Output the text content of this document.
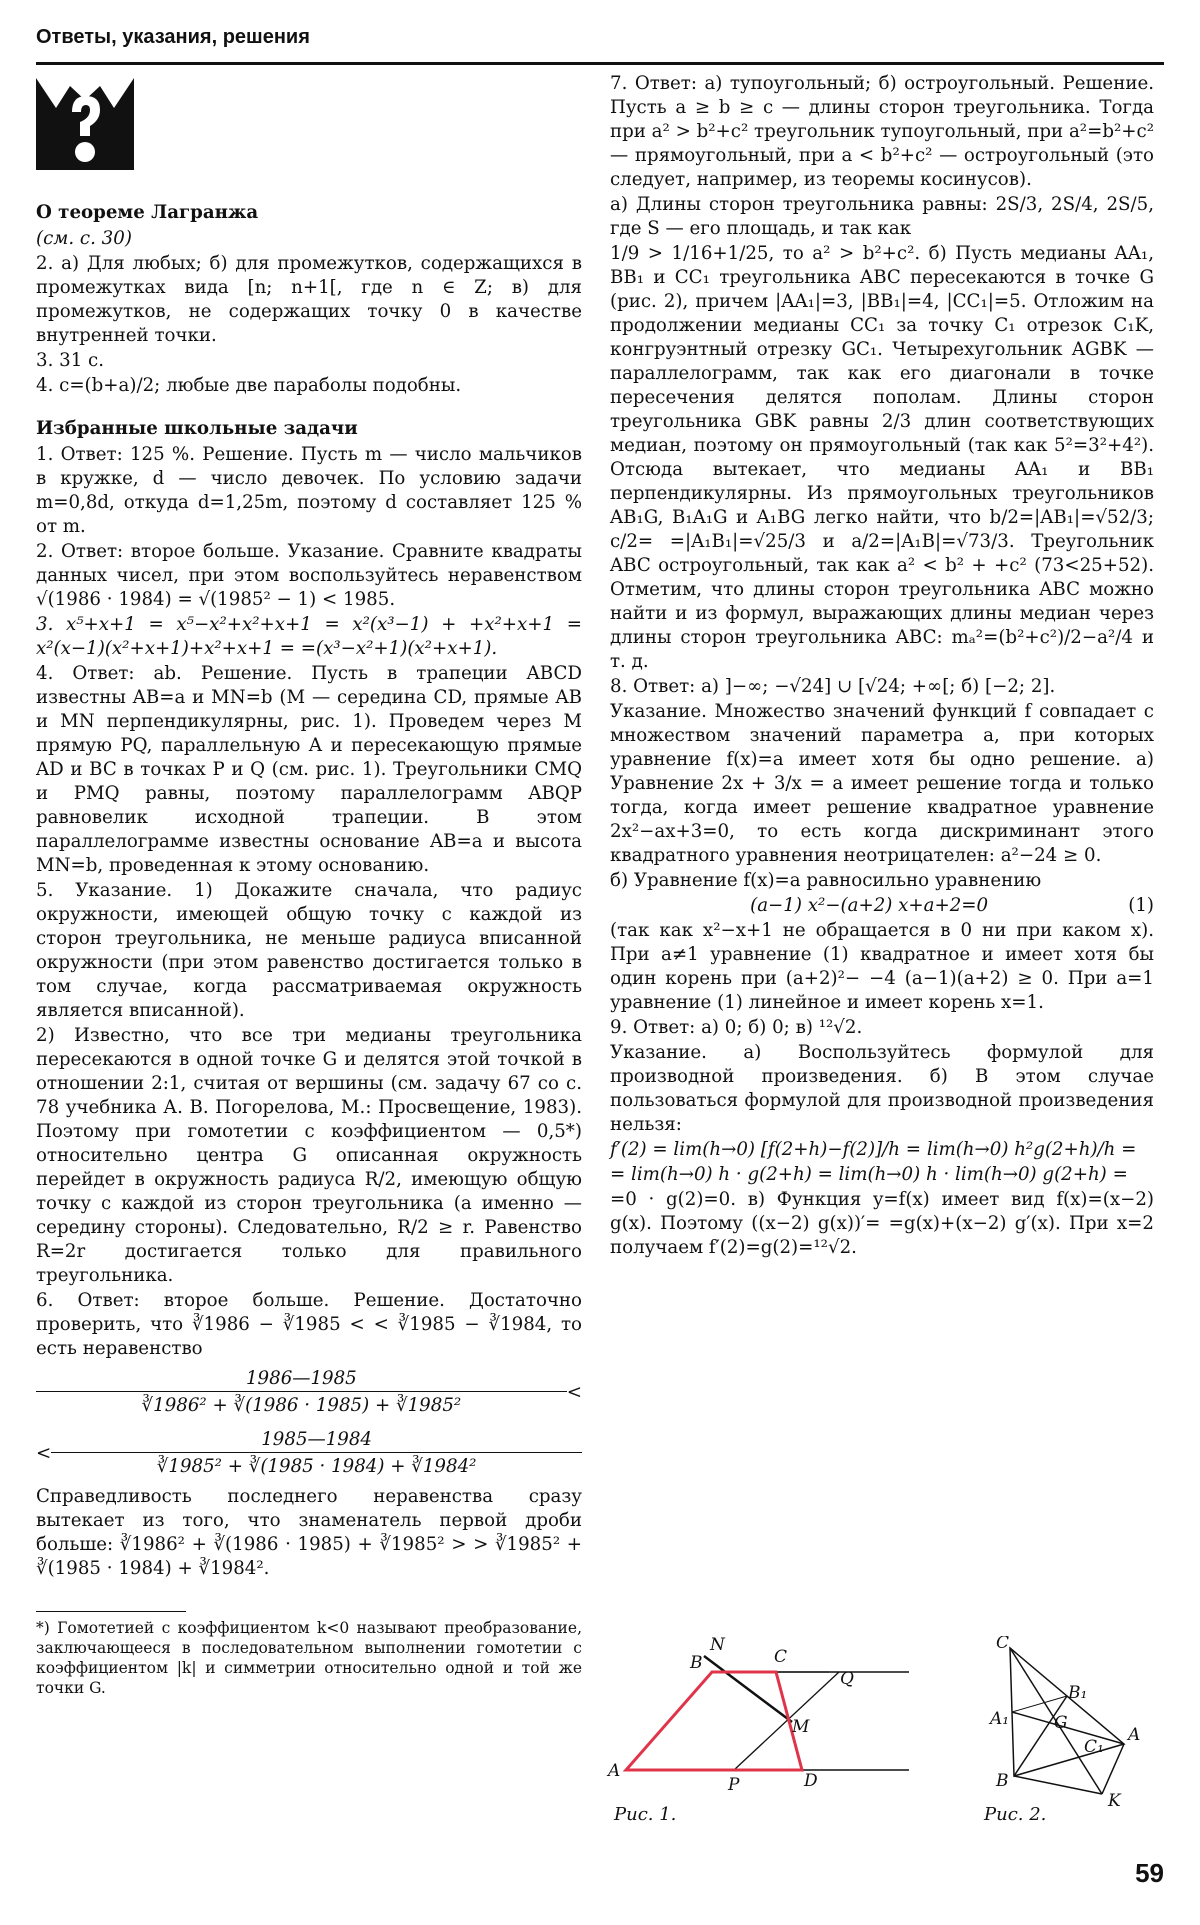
Ответы, указания, решения

О теореме Лагранжа

(см. с. 30)

2. а) Для любых; б) для промежутков, содержащихся в промежутках вида [n; n+1[, где n ∈ Z; в) для промежутков, не содержащих точку 0 в качестве внутренней точки.

3. 31 с.

4. c=(b+a)/2; любые две параболы подобны.

Избранные школьные задачи

1. Ответ: 125 %. Решение. Пусть m — число мальчиков в кружке, d — число девочек. По условию задачи m=0,8d, откуда d=1,25m, поэтому d составляет 125 % от m.

2. Ответ: второе больше. Указание. Сравните квадраты данных чисел, при этом воспользуйтесь неравенством √(1986 · 1984) = √(1985² − 1) < 1985.

3. x⁵+x+1 = x⁵−x²+x²+x+1 = x²(x³−1) + +x²+x+1 = x²(x−1)(x²+x+1)+x²+x+1 = =(x³−x²+1)(x²+x+1).

4. Ответ: ab. Решение. Пусть в трапеции ABCD известны AB=a и MN=b (M — середина CD, прямые AB и MN перпендикулярны, рис. 1). Проведем через M прямую PQ, параллельную A и пересекающую прямые AD и BC в точках P и Q (см. рис. 1). Треугольники CMQ и PMQ равны, поэтому параллелограмм ABQP равновелик исходной трапеции. В этом параллелограмме известны основание AB=a и высота MN=b, проведенная к этому основанию.

5. Указание. 1) Докажите сначала, что радиус окружности, имеющей общую точку с каждой из сторон треугольника, не меньше радиуса вписанной окружности (при этом равенство достигается только в том случае, когда рассматриваемая окружность является вписанной).

2) Известно, что все три медианы треугольника пересекаются в одной точке G и делятся этой точкой в отношении 2:1, считая от вершины (см. задачу 67 со с. 78 учебника А. В. Погорелова, М.: Просвещение, 1983). Поэтому при гомотетии с коэффициентом — 0,5*) относительно центра G описанная окружность перейдет в окружность радиуса R/2, имеющую общую точку с каждой из сторон треугольника (а именно — середину стороны). Следовательно, R/2 ≥ r. Равенство R=2r достигается только для правильного треугольника.

6. Ответ: второе больше. Решение. Достаточно проверить, что ∛1986 − ∛1985 < < ∛1985 − ∛1984, то есть неравенство

$\frac{1986—1985}{\text{∛1986² + ∛(1986 · 1985) + ∛1985²}}$ <
< $\frac{1985—1984}{\text{∛1985² + ∛(1985 · 1984) + ∛1984²}}$

Справедливость последнего неравенства сразу вытекает из того, что знаменатель первой дроби больше: ∛1986² + ∛(1986 · 1985) + ∛1985² > > ∛1985² + ∛(1985 · 1984) + ∛1984².

*) Гомотетией с коэффициентом k<0 называют преобразование, заключающееся в последовательном выполнении гомотетии с коэффициентом |k| и симметрии относительно одной и той же точки G.

7. Ответ: а) тупоугольный; б) остроугольный. Решение. Пусть a ≥ b ≥ c — длины сторон треугольника. Тогда при a² > b²+c² треугольник тупоугольный, при a²=b²+c² — прямоугольный, при a < b²+c² — остроугольный (это следует, например, из теоремы косинусов).

а) Длины сторон треугольника равны: 2S/3, 2S/4, 2S/5, где S — его площадь, и так как

1/9 > 1/16+1/25, то a² > b²+c². б) Пусть медианы AA₁, BB₁ и CC₁ треугольника ABC пересекаются в точке G (рис. 2), причем |AA₁|=3, |BB₁|=4, |CC₁|=5. Отложим на продолжении медианы CC₁ за точку C₁ отрезок C₁K, конгруэнтный отрезку GC₁. Четырехугольник AGBK — параллелограмм, так как его диагонали в точке пересечения делятся пополам. Длины сторон треугольника GBK равны 2/3 длин соответствующих медиан, поэтому он прямоугольный (так как 5²=3²+4²). Отсюда вытекает, что медианы AA₁ и BB₁ перпендикулярны. Из прямоугольных треугольников AB₁G, B₁A₁G и A₁BG легко найти, что b/2=|AB₁|=√52/3; c/2= =|A₁B₁|=√25/3 и a/2=|A₁B|=√73/3. Треугольник ABC остроугольный, так как a² < b² + +c² (73<25+52). Отметим, что длины сторон треугольника ABC можно найти и из формул, выражающих длины медиан через длины сторон треугольника ABC: mₐ²=(b²+c²)/2−a²/4 и т. д.

8. Ответ: а) ]−∞; −√24] ∪ [√24; +∞[; б) [−2; 2].

Указание. Множество значений функций f совпадает с множеством значений параметра a, при которых уравнение f(x)=a имеет хотя бы одно решение. а) Уравнение 2x + 3/x = a имеет решение тогда и только тогда, когда имеет решение квадратное уравнение 2x²−ax+3=0, то есть когда дискриминант этого квадратного уравнения неотрицателен: a²−24 ≥ 0.

б) Уравнение f(x)=a равносильно уравнению

(a−1) x²−(a+2) x+a+2=0	(1)

(так как x²−x+1 не обращается в 0 ни при каком x). При a≠1 уравнение (1) квадратное и имеет хотя бы один корень при (a+2)²− −4 (a−1)(a+2) ≥ 0. При a=1 уравнение (1) линейное и имеет корень x=1.

9. Ответ: а) 0; б) 0; в) ¹²√2.

Указание. а) Воспользуйтесь формулой для производной произведения. б) В этом случае пользоваться формулой для производной произведения нельзя:

f′(2) = lim(h→0) [f(2+h)−f(2)]/h = lim(h→0) h²g(2+h)/h =

= lim(h→0) h · g(2+h) = lim(h→0) h · lim(h→0) g(2+h) =

=0 · g(2)=0. в) Функция y=f(x) имеет вид f(x)=(x−2) g(x). Поэтому ((x−2) g(x))′= =g(x)+(x−2) g′(x). При x=2 получаем f′(2)=g(2)=¹²√2.

A
B	C
D
N
M
P
Q
Рис. 1.
C
B₁
G
A₁
A
C₁
B
K
Рис. 2.
59
